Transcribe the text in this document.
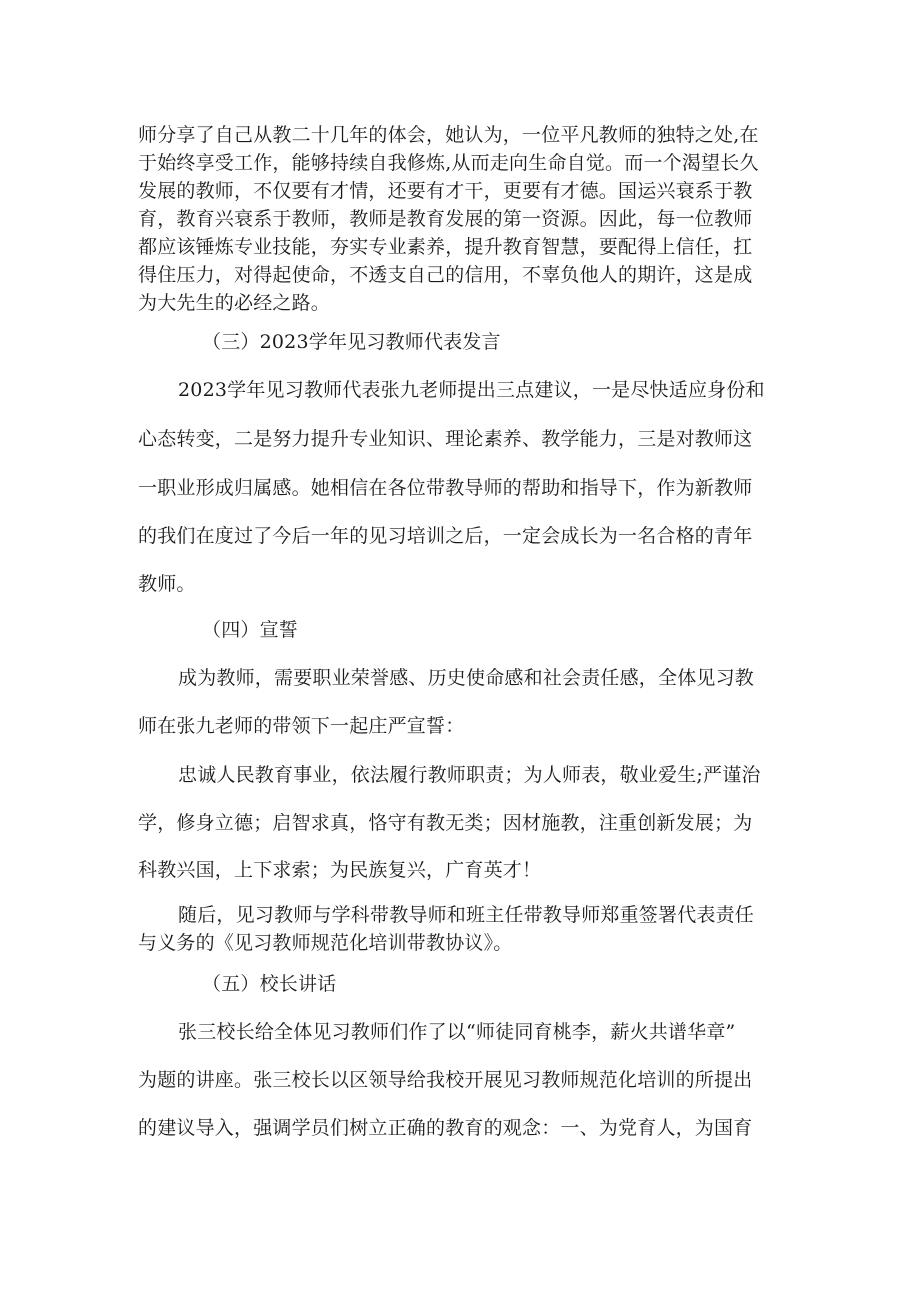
师分享了自己从教二十几年的体会，她认为，一位平凡教师的独特之处,在
于始终享受工作，能够持续自我修炼,从而走向生命自觉。而一个渴望长久
发展的教师，不仅要有才情，还要有才干，更要有才德。国运兴衰系于教
育，教育兴衰系于教师，教师是教育发展的第一资源。因此，每一位教师
都应该锤炼专业技能，夯实专业素养，提升教育智慧，要配得上信任，扛
得住压力，对得起使命，不透支自己的信用，不辜负他人的期许，这是成
为大先生的必经之路。
（三）2023学年见习教师代表发言
2023学年见习教师代表张九老师提出三点建议，一是尽快适应身份和
心态转变，二是努力提升专业知识、理论素养、教学能力，三是对教师这
一职业形成归属感。她相信在各位带教导师的帮助和指导下，作为新教师
的我们在度过了今后一年的见习培训之后，一定会成长为一名合格的青年
教师。
（四）宣誓
成为教师，需要职业荣誉感、历史使命感和社会责任感，全体见习教
师在张九老师的带领下一起庄严宣誓：
忠诚人民教育事业，依法履行教师职责；为人师表，敬业爱生;严谨治
学，修身立德；启智求真，恪守有教无类；因材施教，注重创新发展；为
科教兴国，上下求索；为民族复兴，广育英才！
随后，见习教师与学科带教导师和班主任带教导师郑重签署代表责任
与义务的《见习教师规范化培训带教协议》。
（五）校长讲话
张三校长给全体见习教师们作了以“师徒同育桃李，薪火共谱华章”
为题的讲座。张三校长以区领导给我校开展见习教师规范化培训的所提出
的建议导入，强调学员们树立正确的教育的观念：一、为党育人，为国育
